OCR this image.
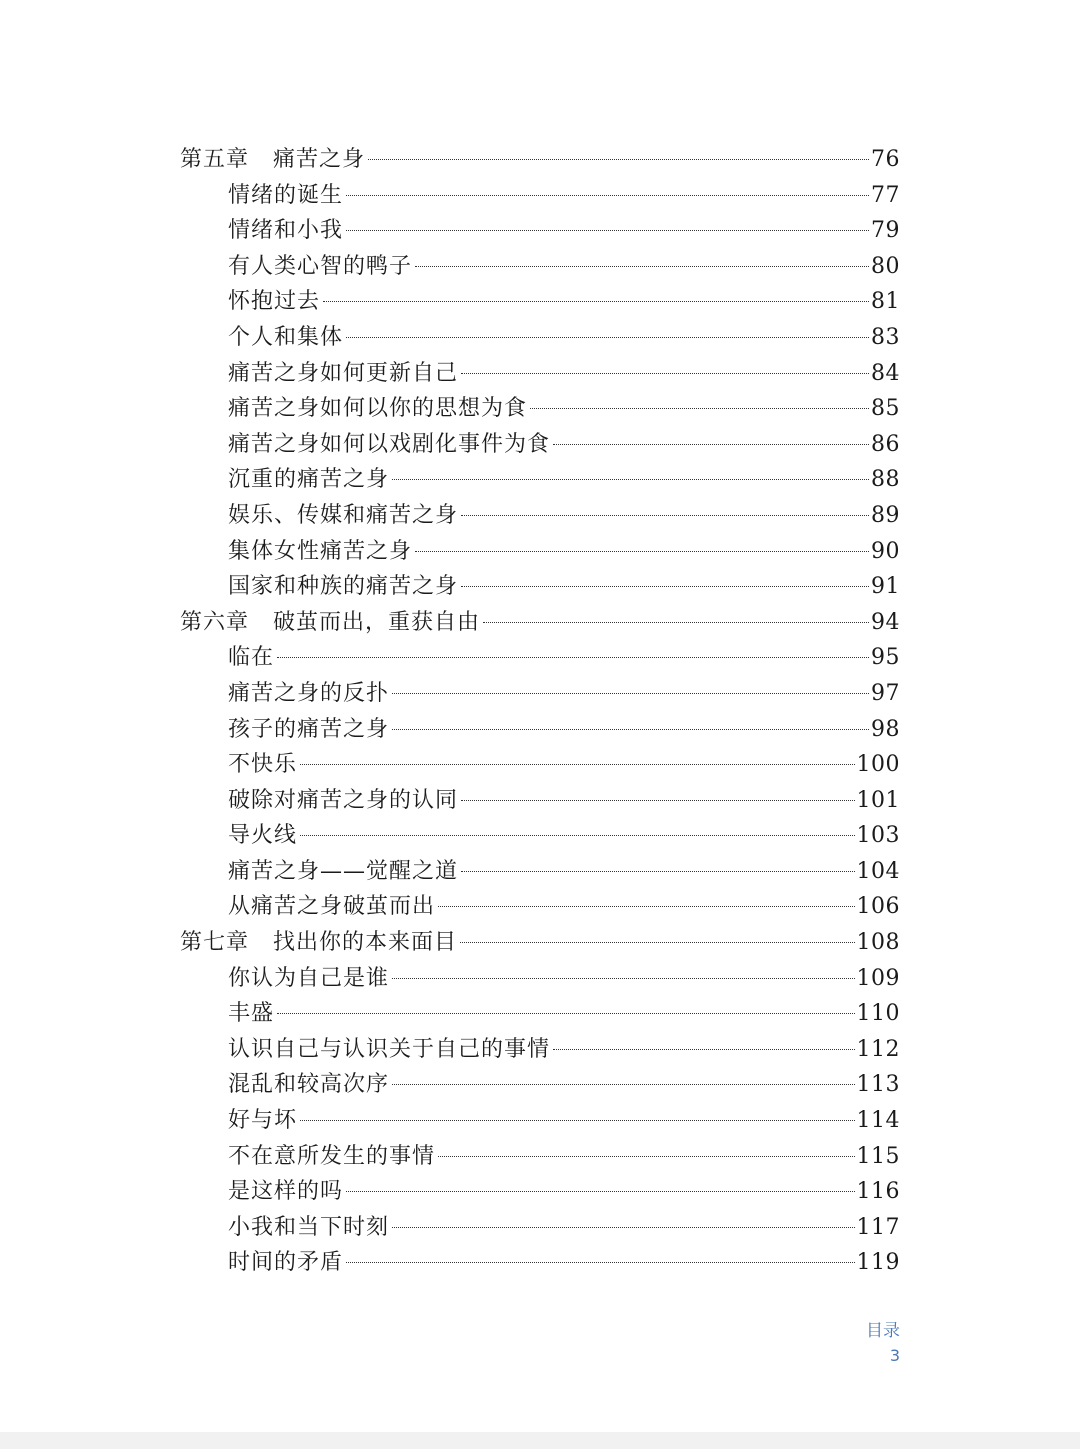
第五章 痛苦之身	76
情绪的诞生	77
情绪和小我	79
有人类心智的鸭子	80
怀抱过去	81
个人和集体	83
痛苦之身如何更新自己	84
痛苦之身如何以你的思想为食	85
痛苦之身如何以戏剧化事件为食	86
沉重的痛苦之身	88
娱乐、传媒和痛苦之身	89
集体女性痛苦之身	90
国家和种族的痛苦之身	91
第六章 破茧而出，重获自由	94
临在	95
痛苦之身的反扑	97
孩子的痛苦之身	98
不快乐	100
破除对痛苦之身的认同	101
导火线	103
痛苦之身——觉醒之道	104
从痛苦之身破茧而出	106
第七章 找出你的本来面目	108
你认为自己是谁	109
丰盛	110
认识自己与认识关于自己的事情	112
混乱和较高次序	113
好与坏	114
不在意所发生的事情	115
是这样的吗	116
小我和当下时刻	117
时间的矛盾	119
目录
3
